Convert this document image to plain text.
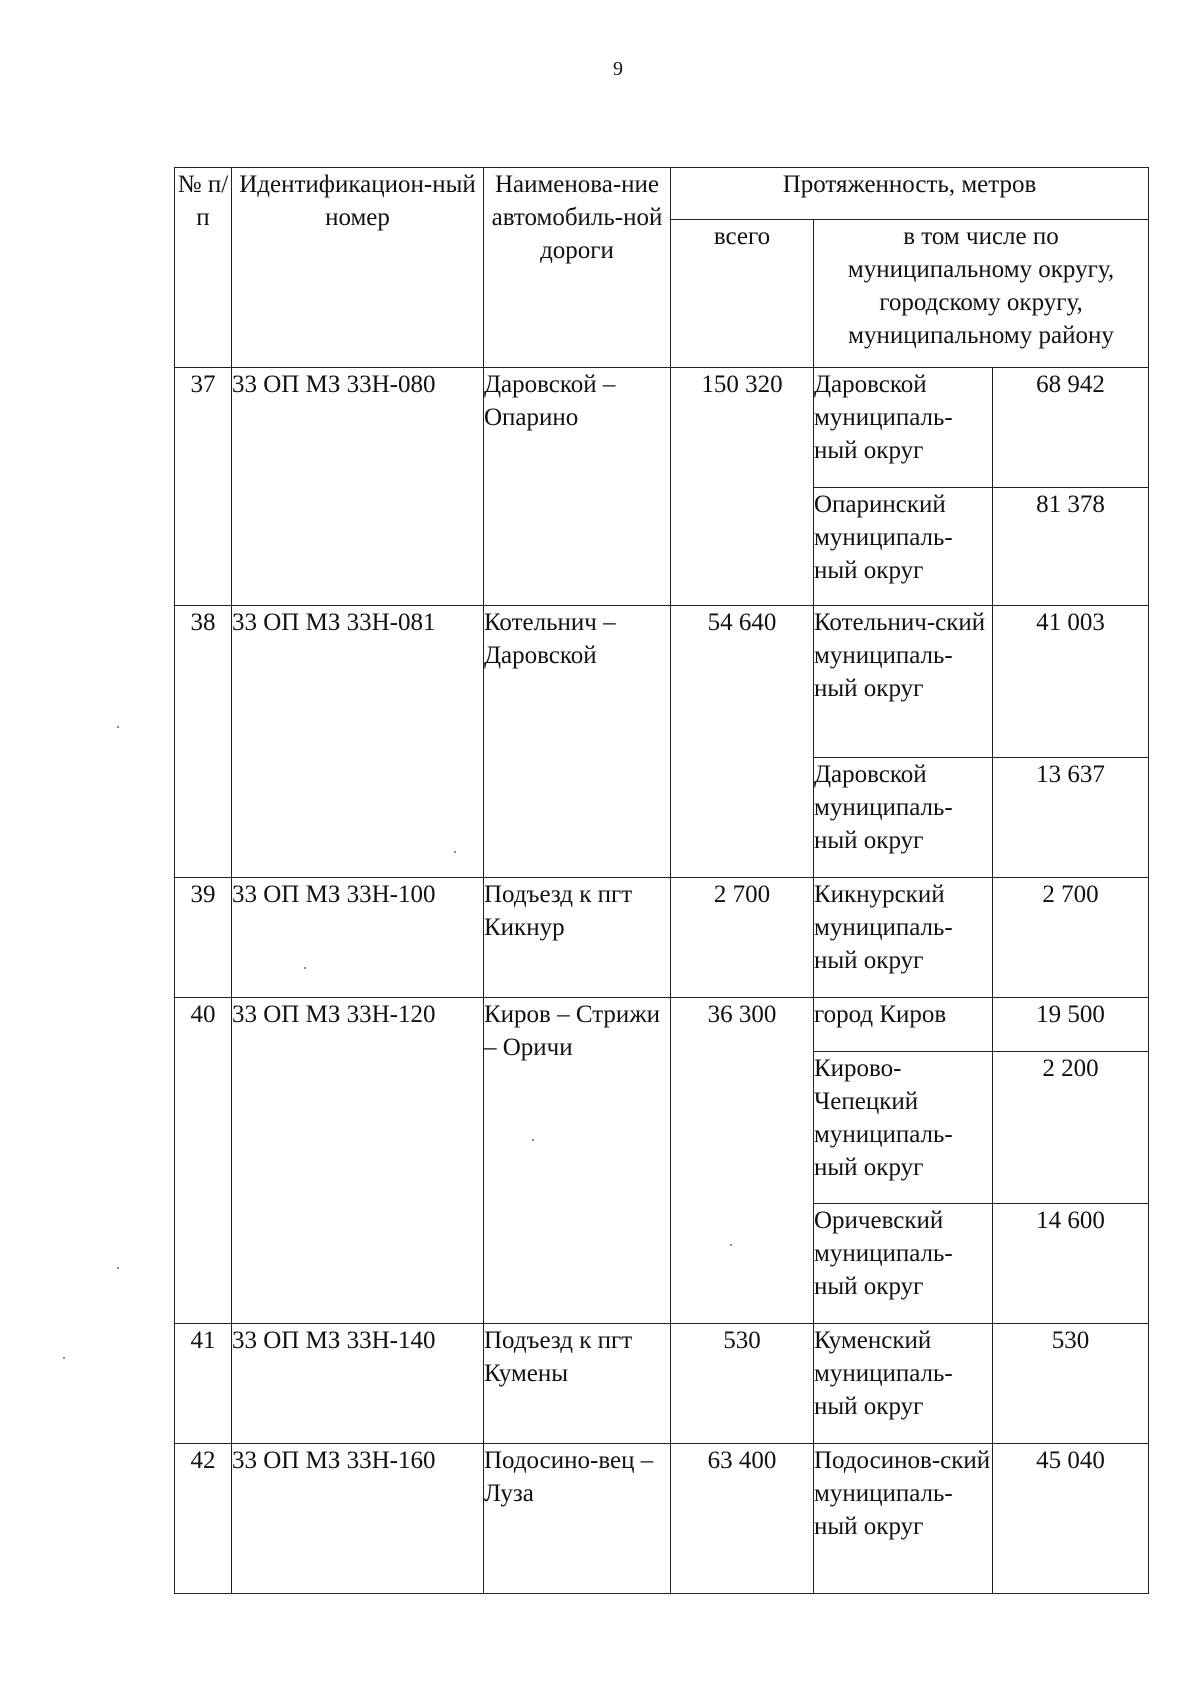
9
№ п/п	Идентификацион-ный номер	Наименова-ние автомобиль-ной дороги	Протяженность, метров		
			всего	в том числе по муниципальному округу, городскому округу, муниципальному району	
37	33 ОП МЗ 33Н-080	Даровской – Опарино	150 320	Даровской муниципаль-ный округ	68 942
				Опаринский муниципаль-ный округ	81 378
38	33 ОП МЗ 33Н-081	Котельнич – Даровской	54 640	Котельнич-ский муниципаль-ный округ	41 003
				Даровской муниципаль-ный округ	13 637
39	33 ОП МЗ 33Н-100	Подъезд к пгт Кикнур	2 700	Кикнурский муниципаль-ный округ	2 700
40	33 ОП МЗ 33Н-120	Киров – Стрижи – Оричи	36 300	город Киров	19 500
				Кирово-Чепецкий муниципаль-ный округ	2 200
				Оричевский муниципаль-ный округ	14 600
41	33 ОП МЗ 33Н-140	Подъезд к пгт Кумены	530	Куменский муниципаль-ный округ	530
42	33 ОП МЗ 33Н-160	Подосино-вец – Луза	63 400	Подосинов-ский муниципаль-ный округ	45 040
